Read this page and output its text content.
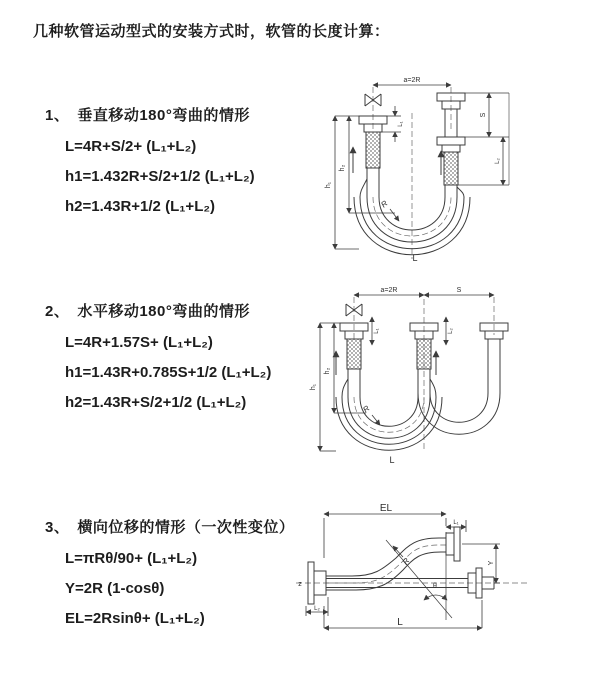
几种软管运动型式的安装方式时，软管的长度计算：
1、 垂直移动180°弯曲的情形
L=4R+S/2+ (L₁+L₂)
h1=1.432R+S/2+1/2 (L₁+L₂)
h2=1.43R+1/2 (L₁+L₂)
a=2R
h₁
h₂
L₁
S
L₂
R
L
2、 水平移动180°弯曲的情形
L=4R+1.57S+ (L₁+L₂)
h1=1.43R+0.785S+1/2 (L₁+L₂)
h2=1.43R+S/2+1/2 (L₁+L₂)
a=2R	S
h₁
h₂
L₁	L₂
R
L
3、 横向位移的情形（一次性变位）
L=πRθ/90+ (L₁+L₂)
Y=2R (1-cosθ)
EL=2Rsinθ+ (L₁+L₂)
EL
L₁
Y
R
θ
L
L₂
z
